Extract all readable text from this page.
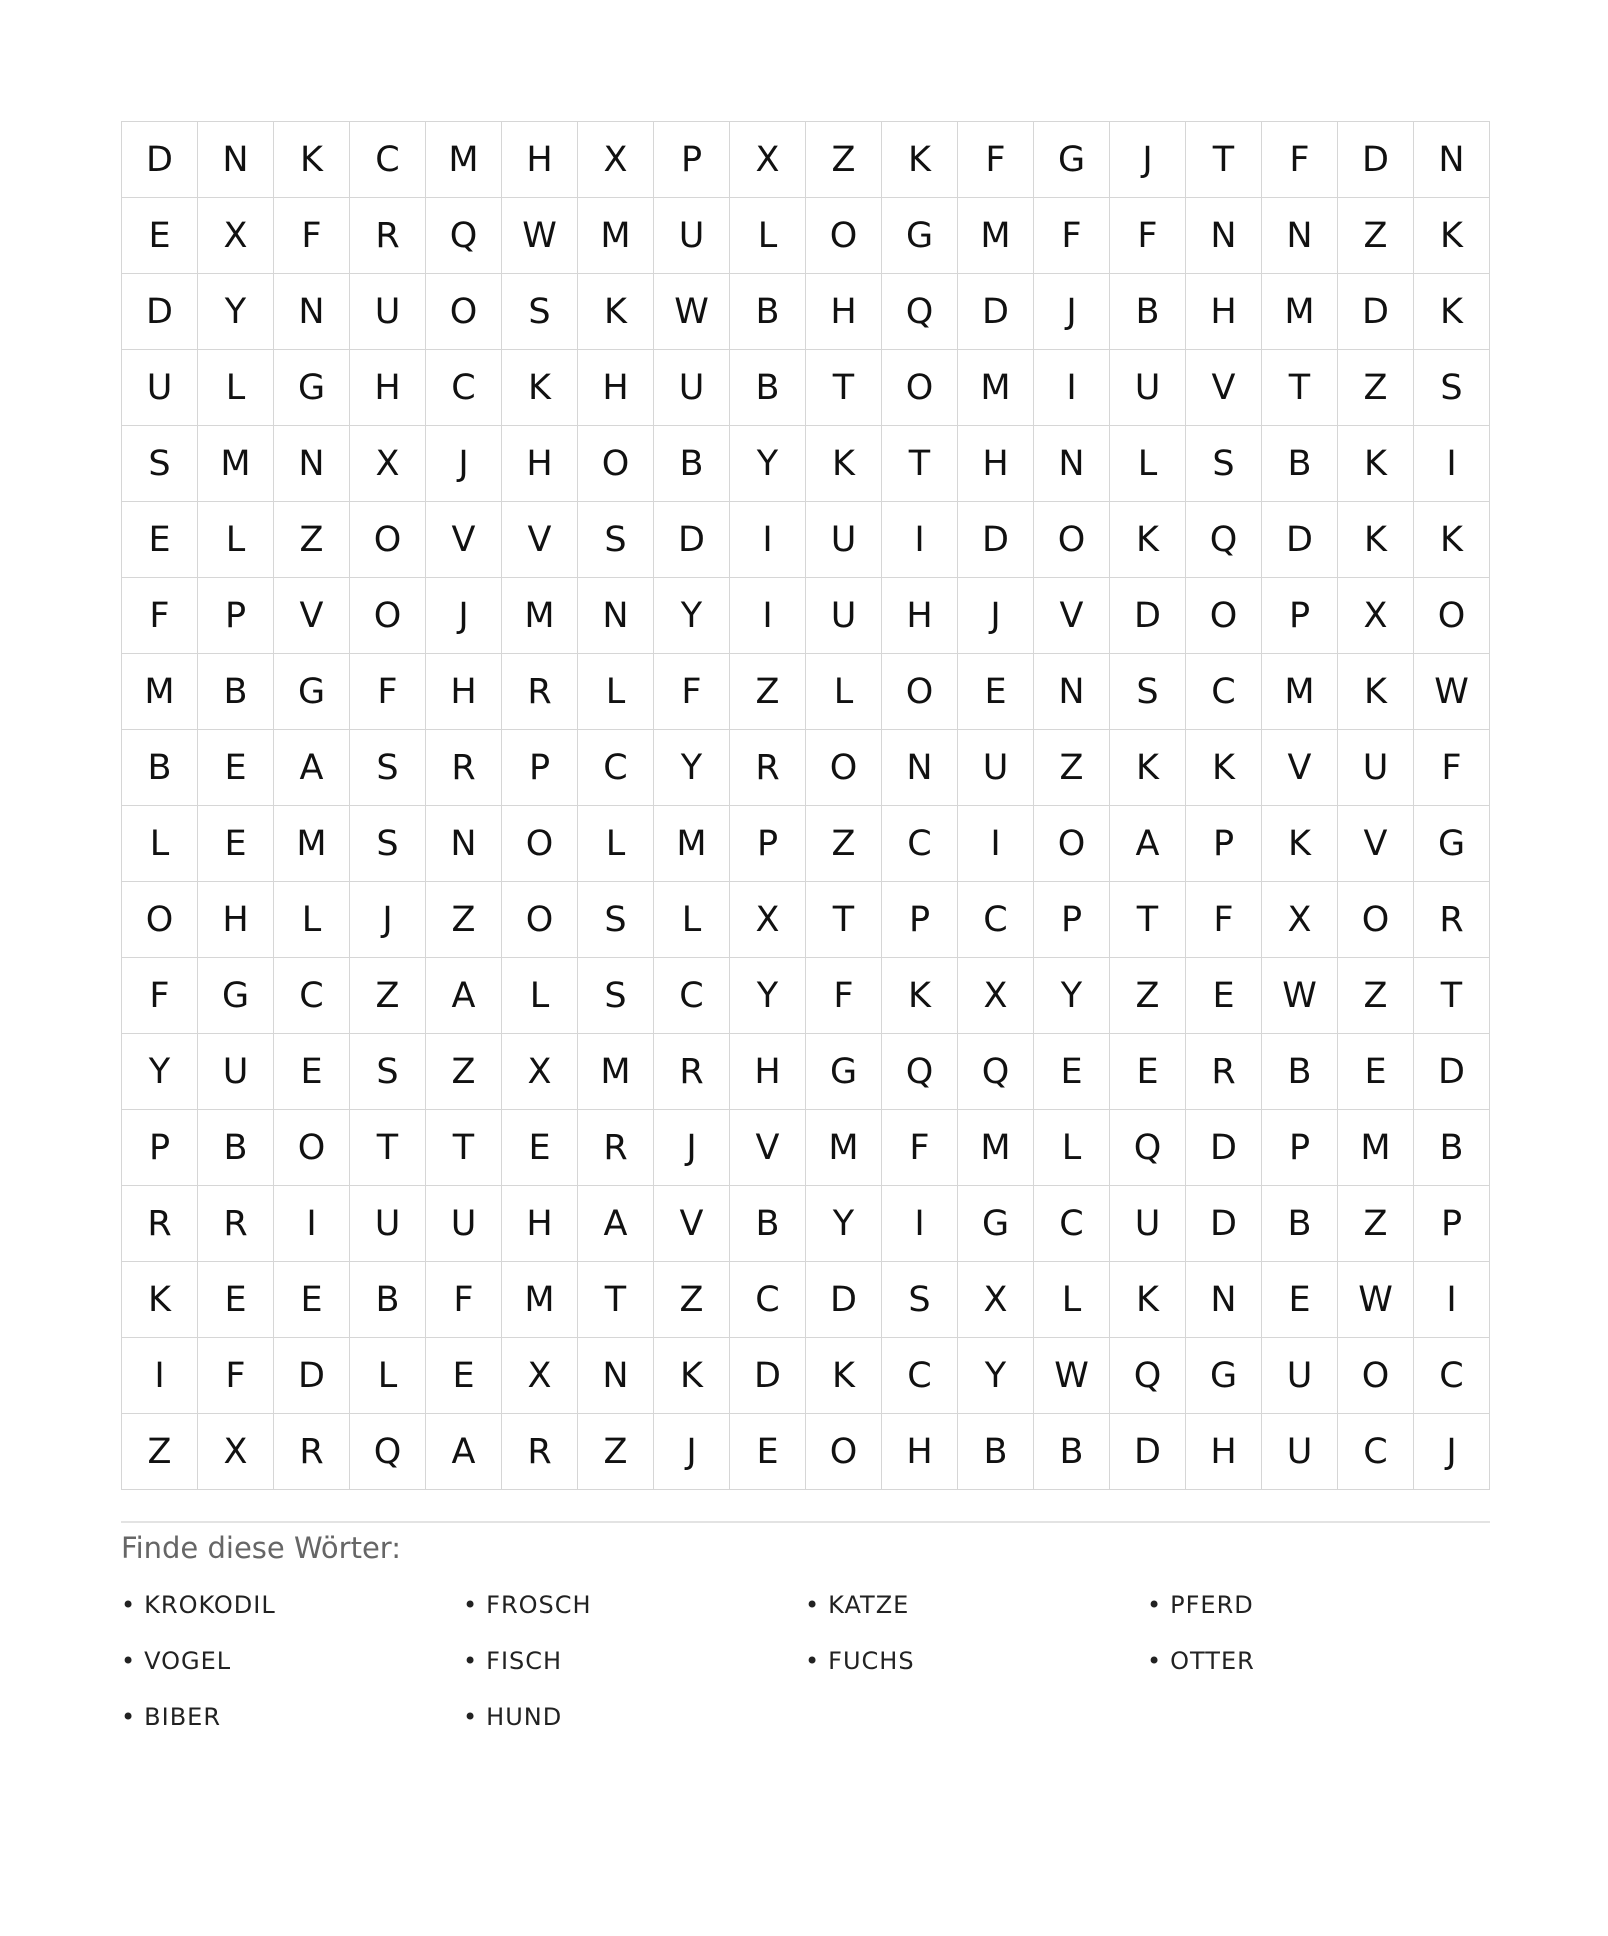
D	N	K	C	M	H	X	P	X	Z	K	F	G	J	T	F	D	N
E	X	F	R	Q	W	M	U	L	O	G	M	F	F	N	N	Z	K
D	Y	N	U	O	S	K	W	B	H	Q	D	J	B	H	M	D	K
U	L	G	H	C	K	H	U	B	T	O	M	I	U	V	T	Z	S
S	M	N	X	J	H	O	B	Y	K	T	H	N	L	S	B	K	I
E	L	Z	O	V	V	S	D	I	U	I	D	O	K	Q	D	K	K
F	P	V	O	J	M	N	Y	I	U	H	J	V	D	O	P	X	O
M	B	G	F	H	R	L	F	Z	L	O	E	N	S	C	M	K	W
B	E	A	S	R	P	C	Y	R	O	N	U	Z	K	K	V	U	F
L	E	M	S	N	O	L	M	P	Z	C	I	O	A	P	K	V	G
O	H	L	J	Z	O	S	L	X	T	P	C	P	T	F	X	O	R
F	G	C	Z	A	L	S	C	Y	F	K	X	Y	Z	E	W	Z	T
Y	U	E	S	Z	X	M	R	H	G	Q	Q	E	E	R	B	E	D
P	B	O	T	T	E	R	J	V	M	F	M	L	Q	D	P	M	B
R	R	I	U	U	H	A	V	B	Y	I	G	C	U	D	B	Z	P
K	E	E	B	F	M	T	Z	C	D	S	X	L	K	N	E	W	I
I	F	D	L	E	X	N	K	D	K	C	Y	W	Q	G	U	O	C
Z	X	R	Q	A	R	Z	J	E	O	H	B	B	D	H	U	C	J
Finde diese Wörter:
• KROKODIL	• FROSCH	• KATZE	• PFERD
• VOGEL	• FISCH	• FUCHS	• OTTER
• BIBER	• HUND
